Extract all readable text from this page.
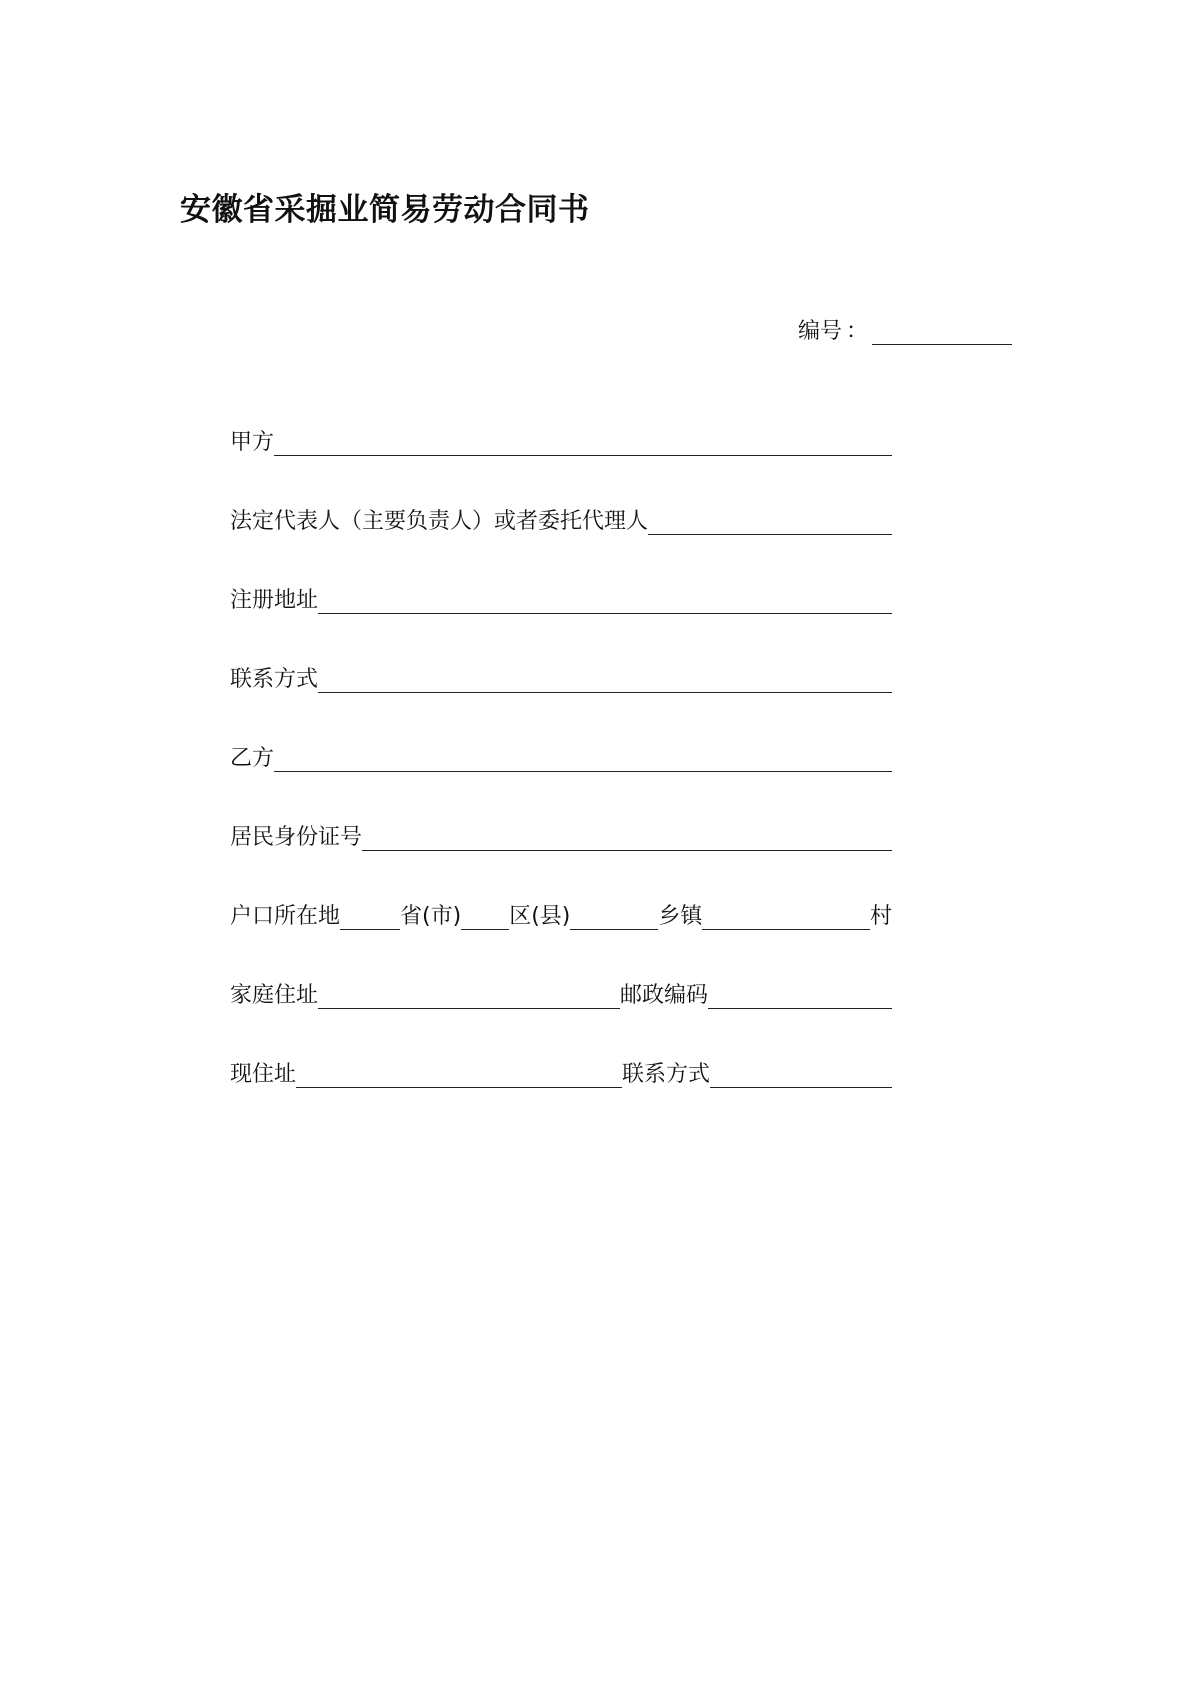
安徽省采掘业简易劳动合同书
编号 ：
甲方
法定代表人（主要负责人）或者委托代理人
注册地址
联系方式
乙方
居民身份证号
户口所在地	省(市) 区(县)	乡镇	村
家庭住址	邮政编码
现住址	联系方式
